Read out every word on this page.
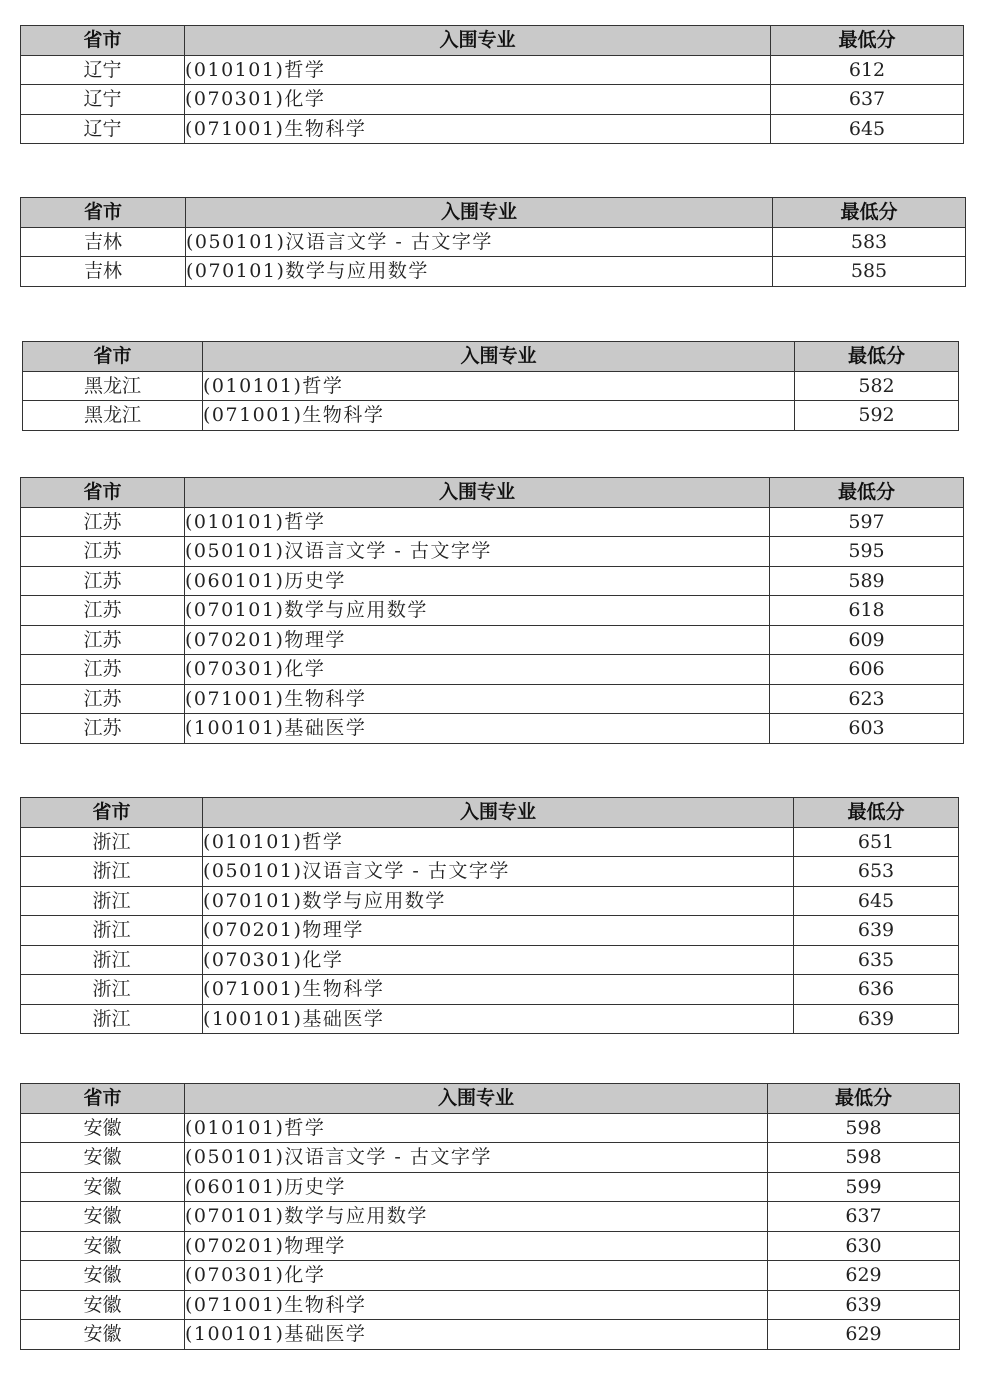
省市	入围专业	最低分
辽宁	(010101)哲学	612
辽宁	(070301)化学	637
辽宁	(071001)生物科学	645
省市	入围专业	最低分
吉林	(050101)汉语言文学 - 古文字学	583
吉林	(070101)数学与应用数学	585
省市	入围专业	最低分
黑龙江	(010101)哲学	582
黑龙江	(071001)生物科学	592
省市	入围专业	最低分
江苏	(010101)哲学	597
江苏	(050101)汉语言文学 - 古文字学	595
江苏	(060101)历史学	589
江苏	(070101)数学与应用数学	618
江苏	(070201)物理学	609
江苏	(070301)化学	606
江苏	(071001)生物科学	623
江苏	(100101)基础医学	603
省市	入围专业	最低分
浙江	(010101)哲学	651
浙江	(050101)汉语言文学 - 古文字学	653
浙江	(070101)数学与应用数学	645
浙江	(070201)物理学	639
浙江	(070301)化学	635
浙江	(071001)生物科学	636
浙江	(100101)基础医学	639
省市	入围专业	最低分
安徽	(010101)哲学	598
安徽	(050101)汉语言文学 - 古文字学	598
安徽	(060101)历史学	599
安徽	(070101)数学与应用数学	637
安徽	(070201)物理学	630
安徽	(070301)化学	629
安徽	(071001)生物科学	639
安徽	(100101)基础医学	629
